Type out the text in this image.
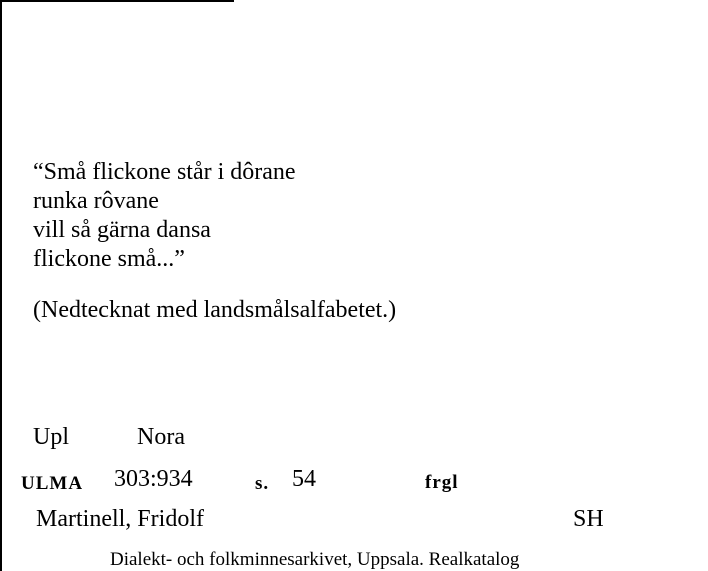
“Små flickone står i dôrane
runka rôvane
vill så gärna dansa
flickone små...”
(Nedtecknat med landsmålsalfabetet.)
Upl	Nora
ULMA 303:934	s. 54	frgl
Martinell, Fridolf	SH
Dialekt- och folkminnesarkivet, Uppsala. Realkatalog
